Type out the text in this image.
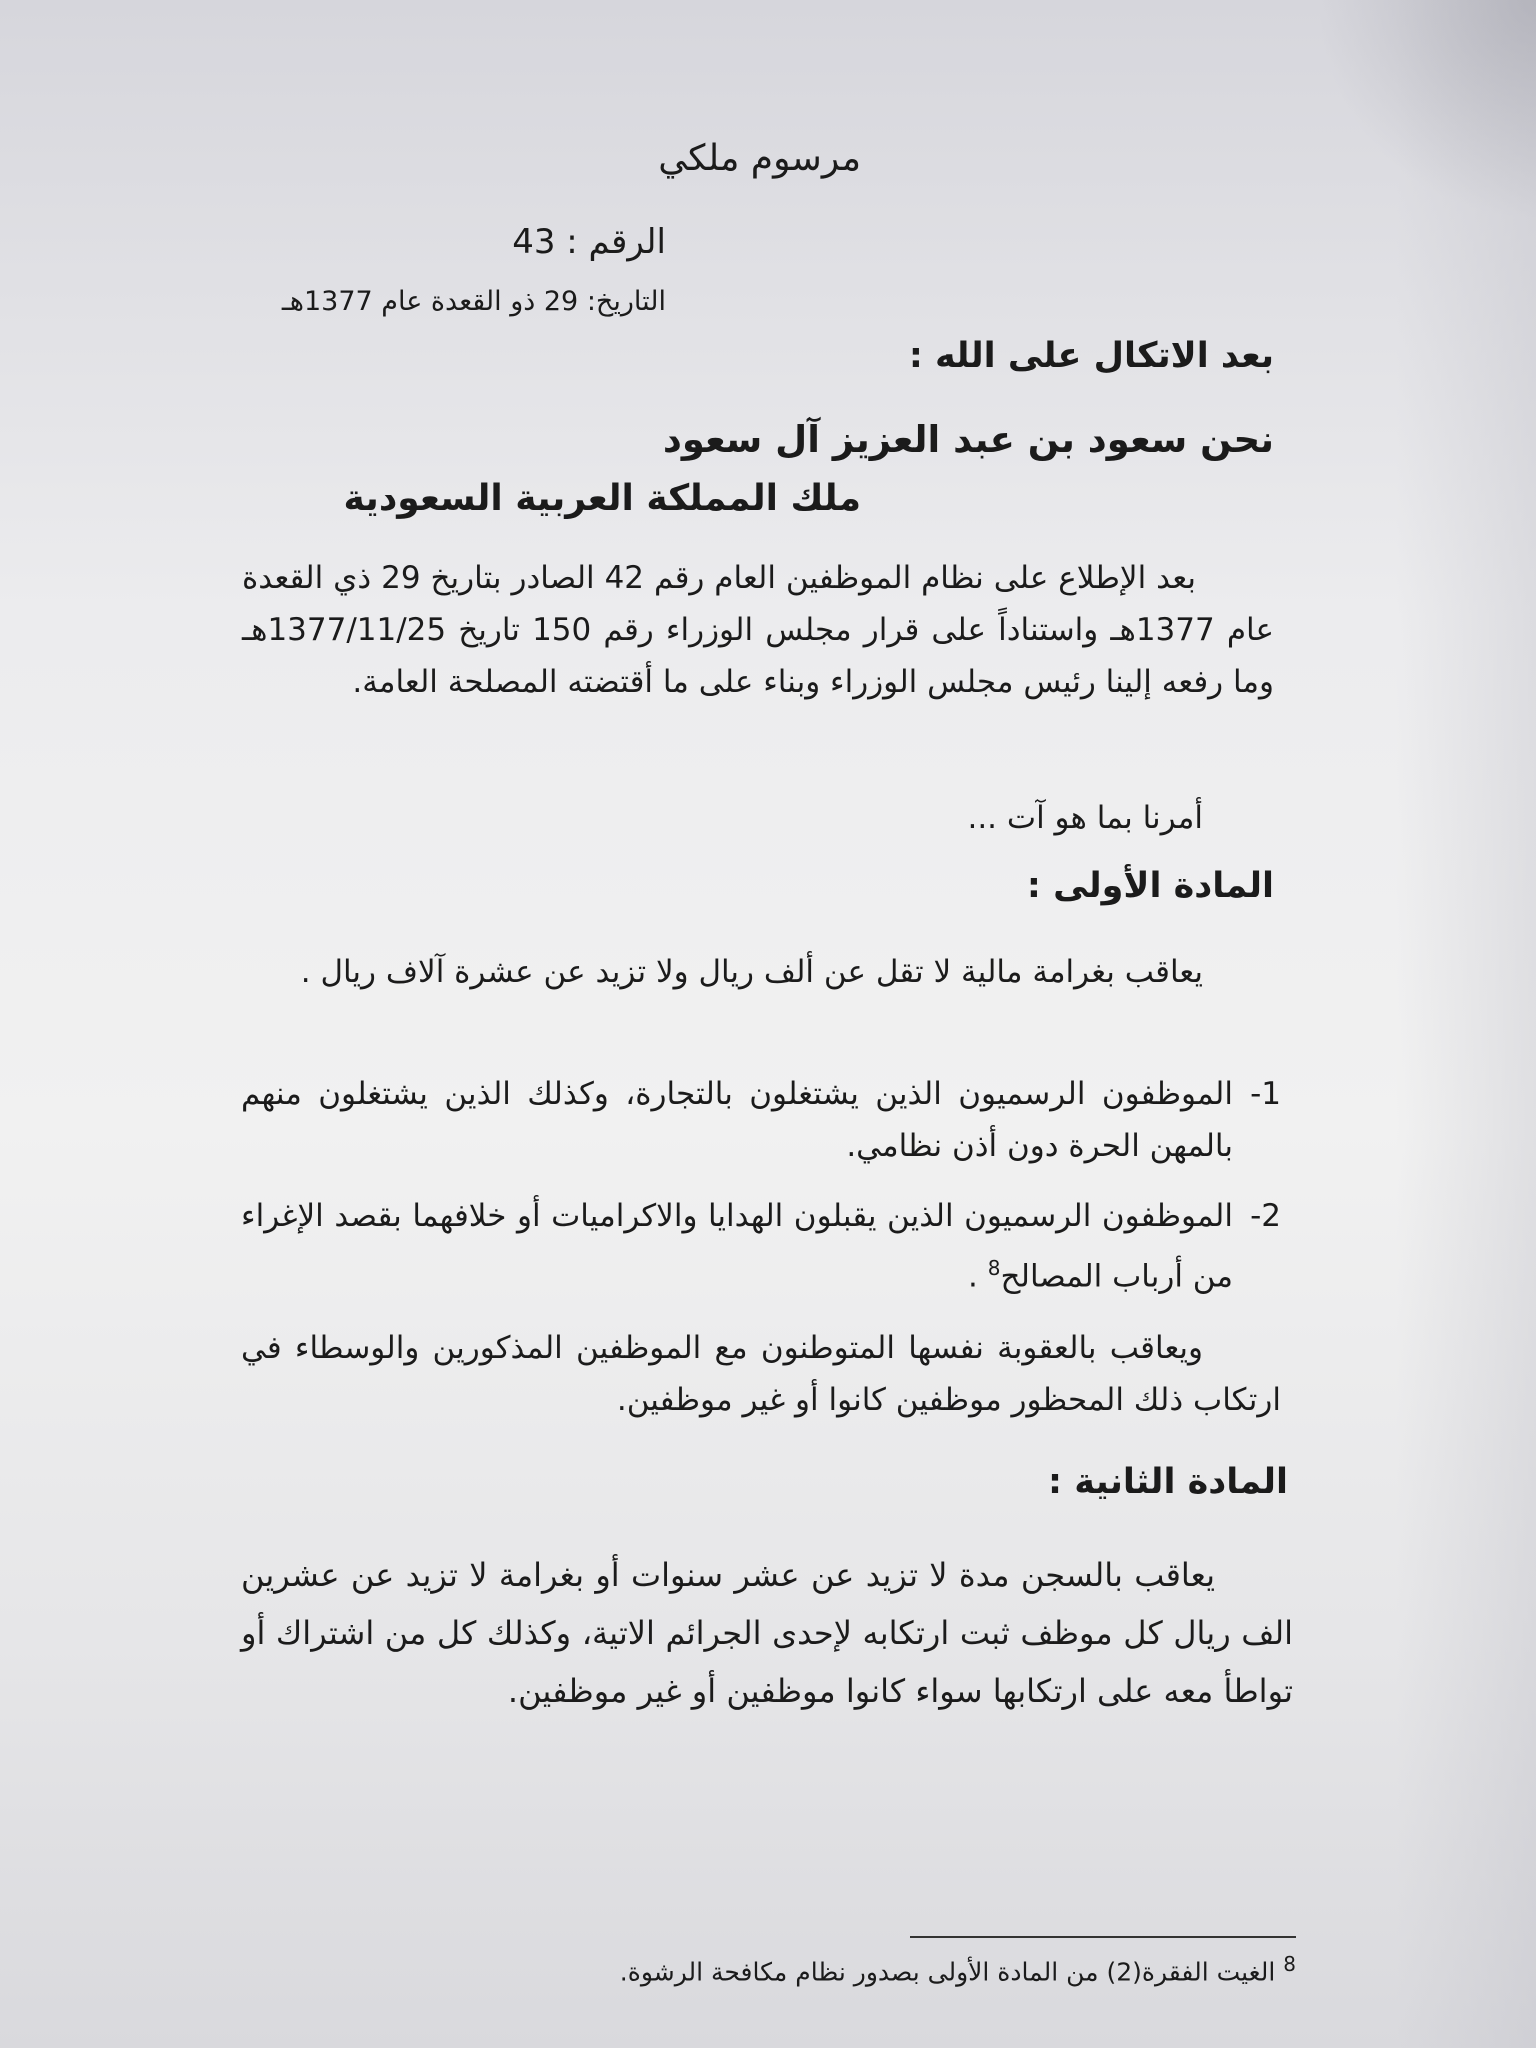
مرسوم ملكي

الرقم : 43

التاريخ: 29 ذو القعدة عام 1377هـ

بعد الاتكال على الله :

نحن سعود بن عبد العزيز آل سعود

ملك المملكة العربية السعودية

بعد الإطلاع على نظام الموظفين العام رقم 42 الصادر بتاريخ 29 ذي القعدة عام 1377هـ واستناداً على قرار مجلس الوزراء رقم 150 تاريخ 1377/11/25هـ وما رفعه إلينا رئيس مجلس الوزراء وبناء على ما أقتضته المصلحة العامة.

أمرنا بما هو آت ...

المادة الأولى :

يعاقب بغرامة مالية لا تقل عن ألف ريال ولا تزيد عن عشرة آلاف ريال .

1-

الموظفون الرسميون الذين يشتغلون بالتجارة، وكذلك الذين يشتغلون منهم بالمهن الحرة دون أذن نظامي.

2-

الموظفون الرسميون الذين يقبلون الهدايا والاكراميات أو خلافهما بقصد الإغراء من أرباب المصالح$^8$ .

ويعاقب بالعقوبة نفسها المتوطنون مع الموظفين المذكورين والوسطاء في ارتكاب ذلك المحظور موظفين كانوا أو غير موظفين.

المادة الثانية :

يعاقب بالسجن مدة لا تزيد عن عشر سنوات أو بغرامة لا تزيد عن عشرين الف ريال كل موظف ثبت ارتكابه لإحدى الجرائم الاتية، وكذلك كل من اشتراك أو تواطأ معه على ارتكابها سواء كانوا موظفين أو غير موظفين.

$^8$ الغيت الفقرة(2) من المادة الأولى بصدور نظام مكافحة الرشوة.
